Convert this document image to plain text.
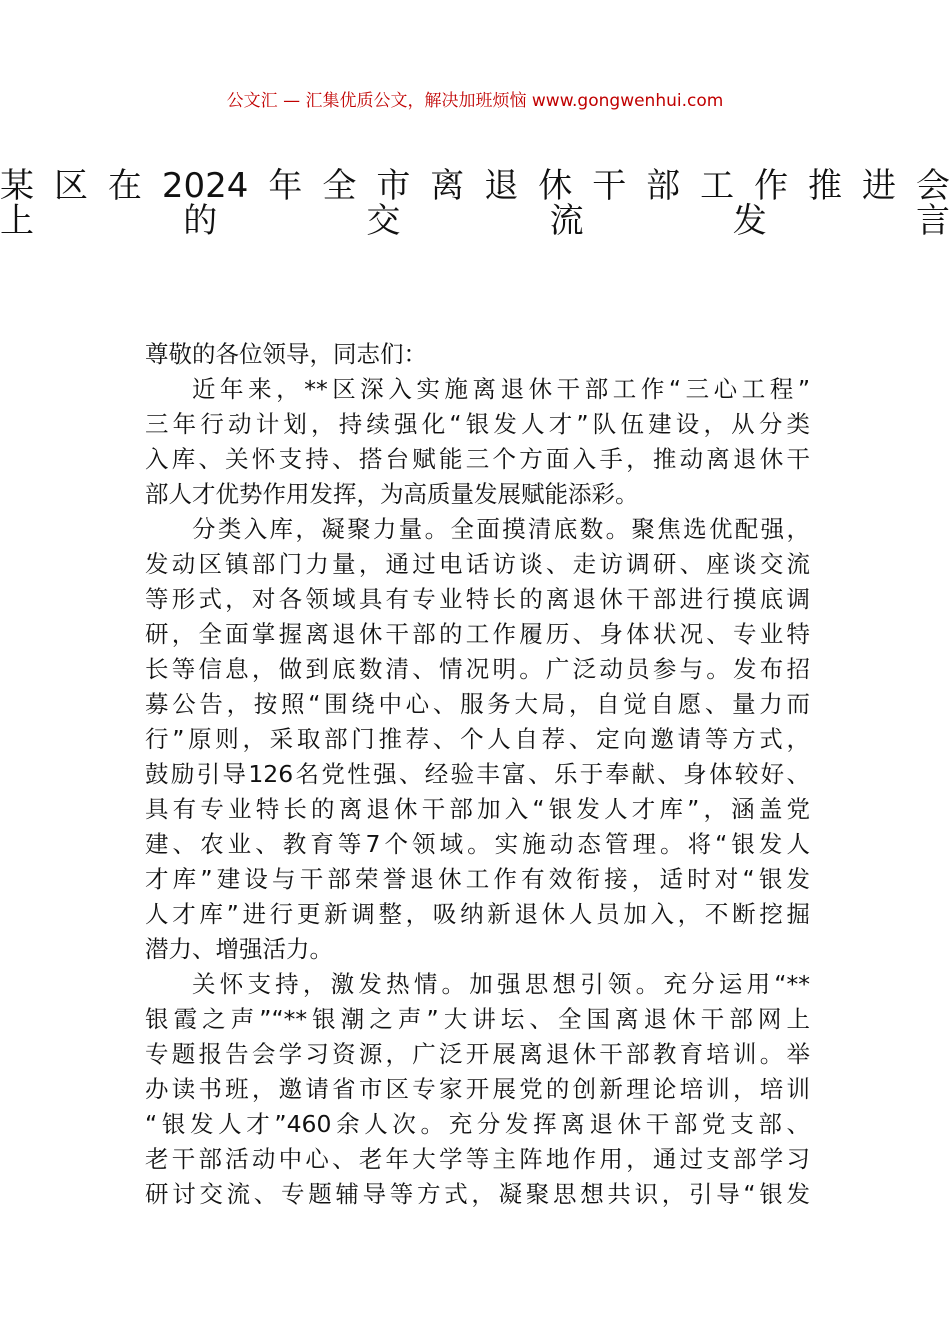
公文汇 — 汇集优质公文，解决加班烦恼 www.gongwenhui.com
某区在2024年全市离退休干部工作推进会
上的交流发言
尊敬的各位领导，同志们：
近年来，**区深入实施离退休干部工作“三心工程”
三年行动计划，持续强化“银发人才”队伍建设，从分类
入库、关怀支持、搭台赋能三个方面入手，推动离退休干
部人才优势作用发挥，为高质量发展赋能添彩。
分类入库，凝聚力量。全面摸清底数。聚焦选优配强，
发动区镇部门力量，通过电话访谈、走访调研、座谈交流
等形式，对各领域具有专业特长的离退休干部进行摸底调
研，全面掌握离退休干部的工作履历、身体状况、专业特
长等信息，做到底数清、情况明。广泛动员参与。发布招
募公告，按照“围绕中心、服务大局，自觉自愿、量力而
行”原则，采取部门推荐、个人自荐、定向邀请等方式，
鼓励引导126名党性强、经验丰富、乐于奉献、身体较好、
具有专业特长的离退休干部加入“银发人才库”，涵盖党
建、农业、教育等7个领域。实施动态管理。将“银发人
才库”建设与干部荣誉退休工作有效衔接，适时对“银发
人才库”进行更新调整，吸纳新退休人员加入，不断挖掘
潜力、增强活力。
关怀支持，激发热情。加强思想引领。充分运用“**
银霞之声”“**银潮之声”大讲坛、全国离退休干部网上
专题报告会学习资源，广泛开展离退休干部教育培训。举
办读书班，邀请省市区专家开展党的创新理论培训，培训
“银发人才”460余人次。充分发挥离退休干部党支部、
老干部活动中心、老年大学等主阵地作用，通过支部学习
研讨交流、专题辅导等方式，凝聚思想共识，引导“银发
